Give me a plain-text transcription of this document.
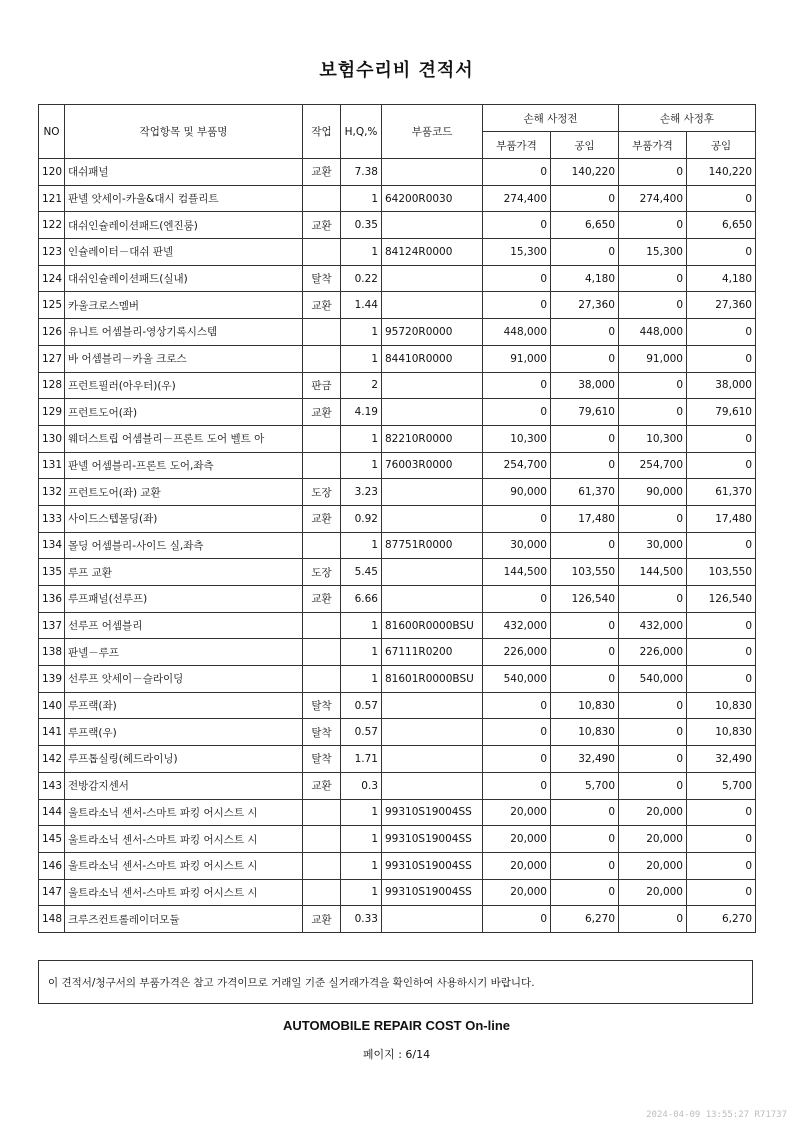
보험수리비 견적서
NO	작업항목 및 부품명	작업	H,Q,%	부품코드	손해 사정전		손해 사정후	
					부품가격	공임	부품가격	공임
120	대쉬패널	교환	7.38		0	140,220	0	140,220
121	판넬 앗세이-카울&대시 컴플리트		1	64200R0030	274,400	0	274,400	0
122	대쉬인슐레이션패드(엔진룸)	교환	0.35		0	6,650	0	6,650
123	인슐레이터－대쉬 판넬		1	84124R0000	15,300	0	15,300	0
124	대쉬인슐레이션패드(실내)	탈착	0.22		0	4,180	0	4,180
125	카울크로스멤버	교환	1.44		0	27,360	0	27,360
126	유니트 어셈블리-영상기록시스템		1	95720R0000	448,000	0	448,000	0
127	바 어셈블리－카울 크로스		1	84410R0000	91,000	0	91,000	0
128	프런트필러(아우터)(우)	판금	2		0	38,000	0	38,000
129	프런트도어(좌)	교환	4.19		0	79,610	0	79,610
130	웨더스트립 어셈블리－프론트 도어 벨트 아		1	82210R0000	10,300	0	10,300	0
131	판넬 어셈블리-프론트 도어,좌측		1	76003R0000	254,700	0	254,700	0
132	프런트도어(좌) 교환	도장	3.23		90,000	61,370	90,000	61,370
133	사이드스텝몰딩(좌)	교환	0.92		0	17,480	0	17,480
134	몰딩 어셈블리-사이드 실,좌측		1	87751R0000	30,000	0	30,000	0
135	루프 교환	도장	5.45		144,500	103,550	144,500	103,550
136	루프패널(선루프)	교환	6.66		0	126,540	0	126,540
137	선루프 어셈블리		1	81600R0000BSU	432,000	0	432,000	0
138	판넬－루프		1	67111R0200	226,000	0	226,000	0
139	선루프 앗세이－슬라이딩		1	81601R0000BSU	540,000	0	540,000	0
140	루프랙(좌)	탈착	0.57		0	10,830	0	10,830
141	루프랙(우)	탈착	0.57		0	10,830	0	10,830
142	루프톱실링(헤드라이닝)	탈착	1.71		0	32,490	0	32,490
143	전방감지센서	교환	0.3		0	5,700	0	5,700
144	울트라소닉 센서-스마트 파킹 어시스트 시		1	99310S19004SS	20,000	0	20,000	0
145	울트라소닉 센서-스마트 파킹 어시스트 시		1	99310S19004SS	20,000	0	20,000	0
146	울트라소닉 센서-스마트 파킹 어시스트 시		1	99310S19004SS	20,000	0	20,000	0
147	울트라소닉 센서-스마트 파킹 어시스트 시		1	99310S19004SS	20,000	0	20,000	0
148	크루즈컨트롤레이더모듈	교환	0.33		0	6,270	0	6,270
이 견적서/청구서의 부품가격은 참고 가격이므로 거래일 기준 실거래가격을 확인하여 사용하시기 바랍니다.
AUTOMOBILE REPAIR COST On-line
페이지 : 6/14
2024-04-09 13:55:27 R71737
